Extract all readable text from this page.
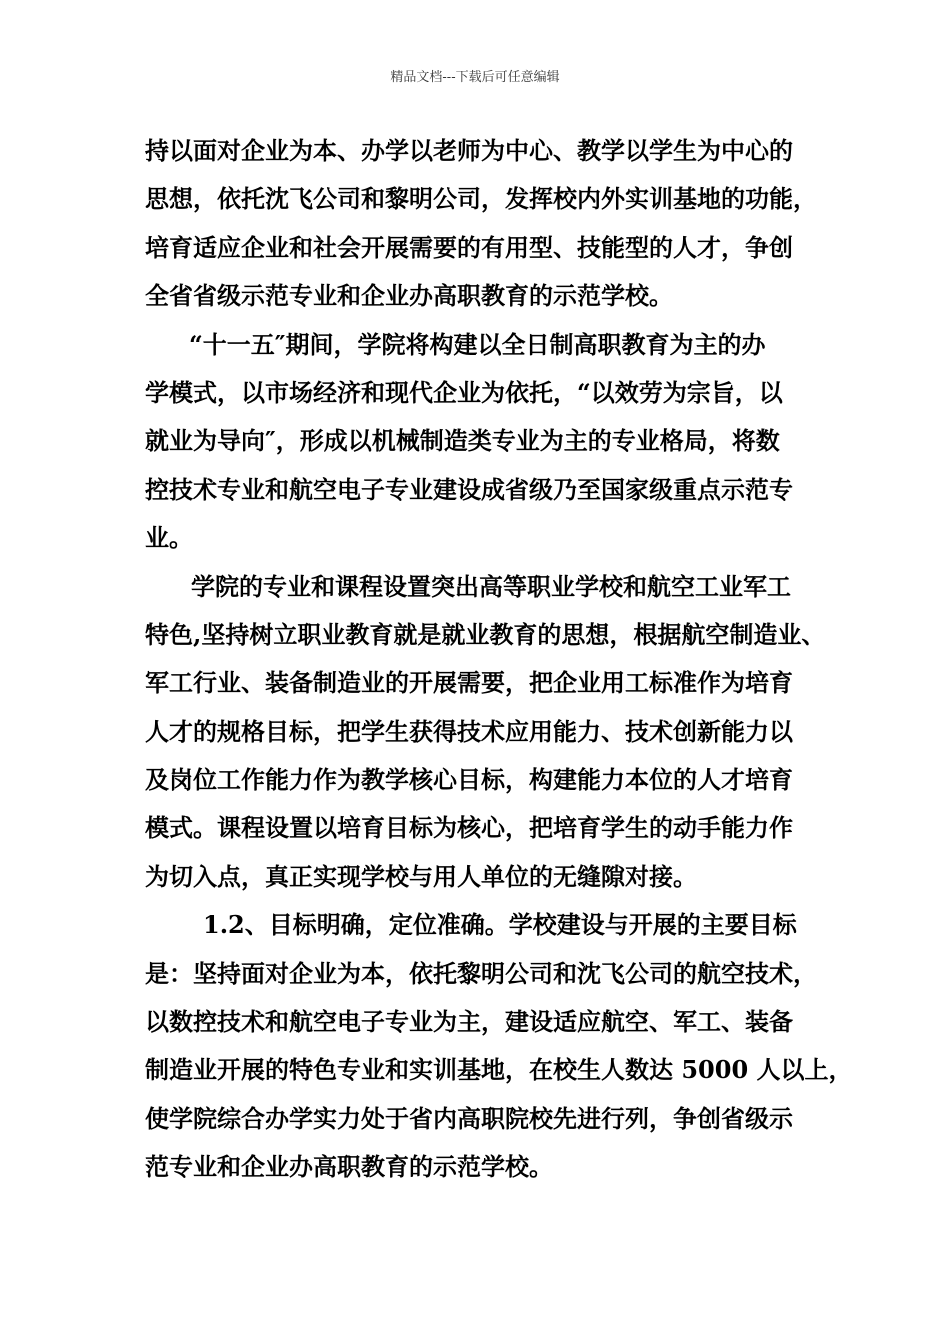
精品文档---下载后可任意编辑
持以面对企业为本、办学以老师为中心、教学以学生为中心的
思想，依托沈飞公司和黎明公司，发挥校内外实训基地的功能，
培育适应企业和社会开展需要的有用型、技能型的人才，争创
全省省级示范专业和企业办高职教育的示范学校。
“十一五″期间，学院将构建以全日制高职教育为主的办
学模式，以市场经济和现代企业为依托，“以效劳为宗旨，以
就业为导向″，形成以机械制造类专业为主的专业格局，将数
控技术专业和航空电子专业建设成省级乃至国家级重点示范专
业。
学院的专业和课程设置突出高等职业学校和航空工业军工
特色,坚持树立职业教育就是就业教育的思想，根据航空制造业、
军工行业、装备制造业的开展需要，把企业用工标准作为培育
人才的规格目标，把学生获得技术应用能力、技术创新能力以
及岗位工作能力作为教学核心目标，构建能力本位的人才培育
模式。课程设置以培育目标为核心，把培育学生的动手能力作
为切入点，真正实现学校与用人单位的无缝隙对接。
1.2、目标明确，定位准确。学校建设与开展的主要目标
是：坚持面对企业为本，依托黎明公司和沈飞公司的航空技术，
以数控技术和航空电子专业为主，建设适应航空、军工、装备
制造业开展的特色专业和实训基地，在校生人数达 5000 人以上，
使学院综合办学实力处于省内高职院校先进行列，争创省级示
范专业和企业办高职教育的示范学校。
